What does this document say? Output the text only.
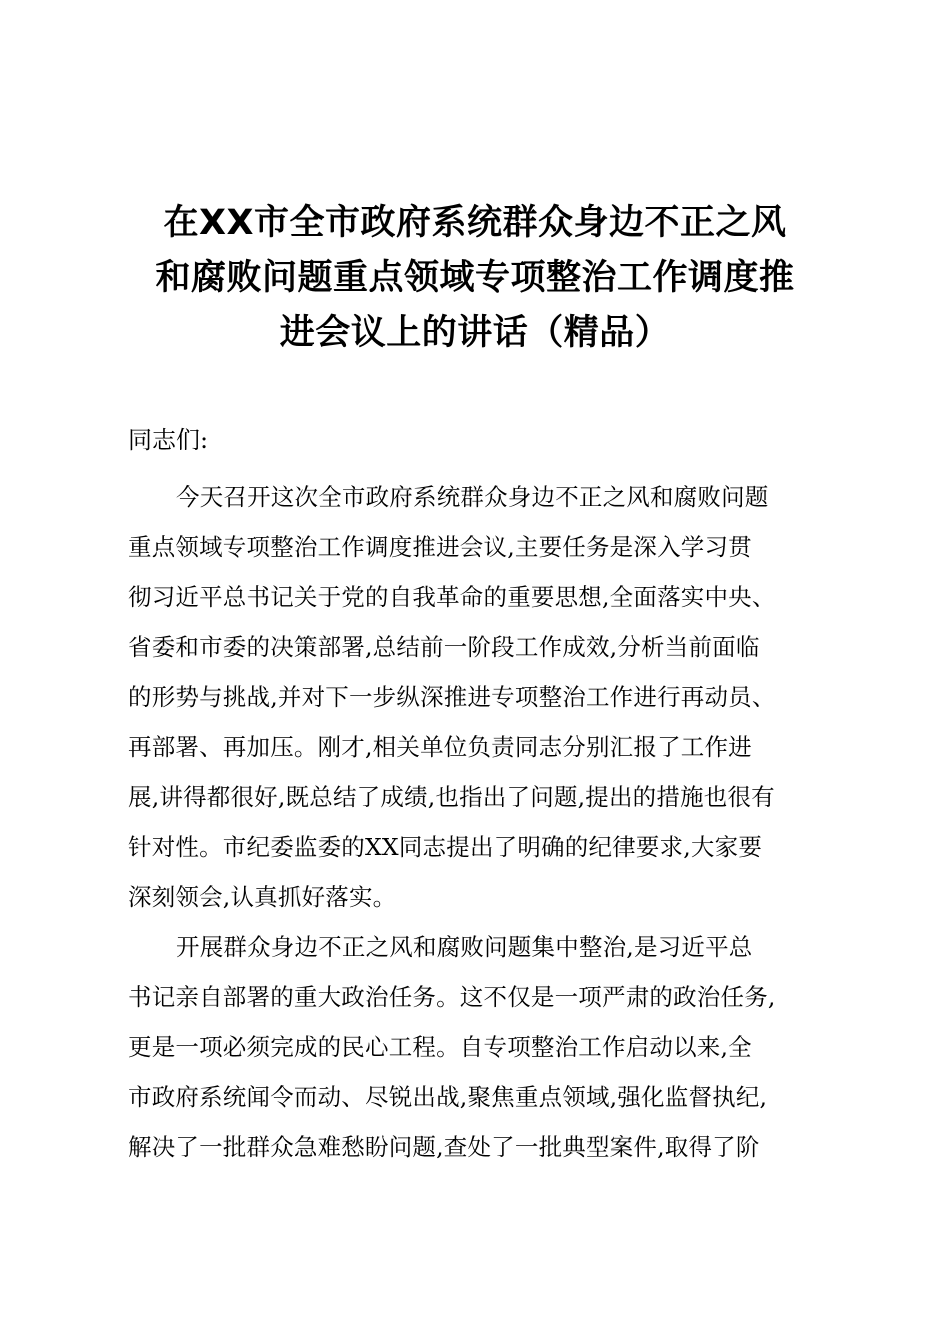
在XX市全市政府系统群众身边不正之风
和腐败问题重点领域专项整治工作调度推
进会议上的讲话（精品）

同志们:

今天召开这次全市政府系统群众身边不正之风和腐败问题
重点领域专项整治工作调度推进会议,主要任务是深入学习贯
彻习近平总书记关于党的自我革命的重要思想,全面落实中央、
省委和市委的决策部署,总结前一阶段工作成效,分析当前面临
的形势与挑战,并对下一步纵深推进专项整治工作进行再动员、
再部署、再加压。刚才,相关单位负责同志分别汇报了工作进
展,讲得都很好,既总结了成绩,也指出了问题,提出的措施也很有
针对性。市纪委监委的XX同志提出了明确的纪律要求,大家要
深刻领会,认真抓好落实。
开展群众身边不正之风和腐败问题集中整治,是习近平总
书记亲自部署的重大政治任务。这不仅是一项严肃的政治任务,
更是一项必须完成的民心工程。自专项整治工作启动以来,全
市政府系统闻令而动、尽锐出战,聚焦重点领域,强化监督执纪,
解决了一批群众急难愁盼问题,查处了一批典型案件,取得了阶
